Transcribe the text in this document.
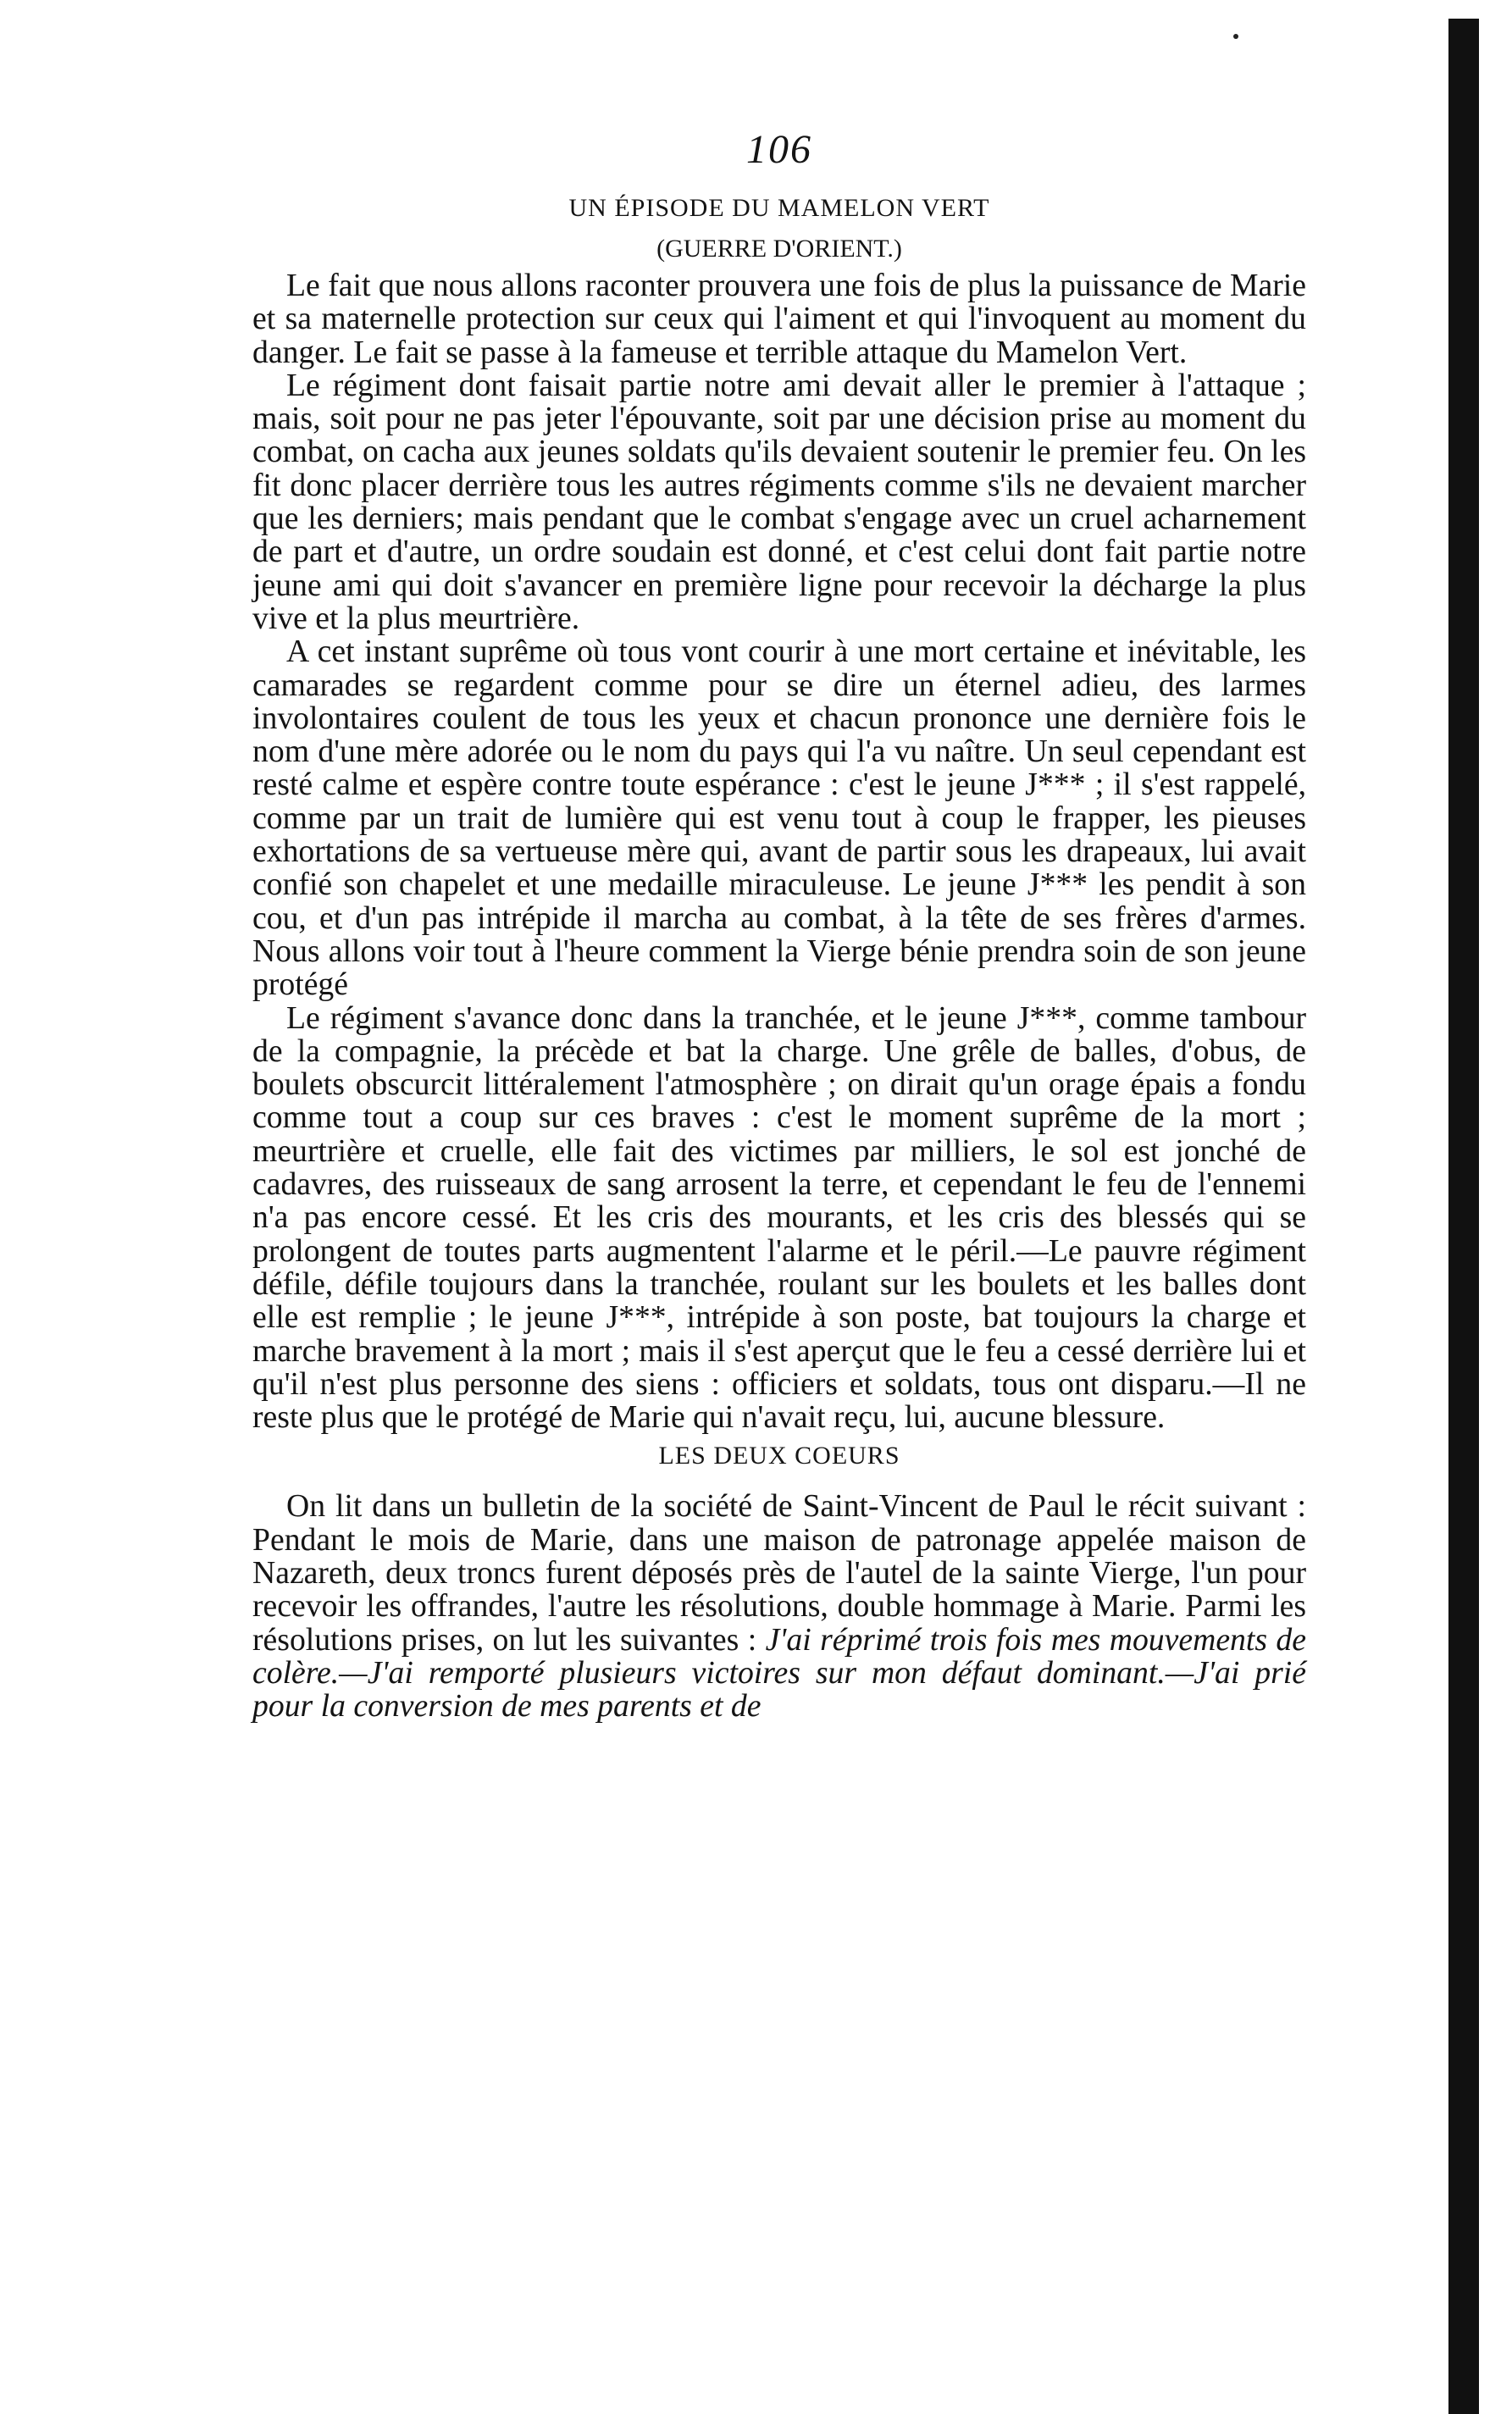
106
UN ÉPISODE DU MAMELON VERT
(GUERRE D'ORIENT.)

Le fait que nous allons raconter prouvera une fois de plus la puissance de Marie et sa maternelle protection sur ceux qui l'aiment et qui l'invoquent au moment du danger. Le fait se passe à la fameuse et terrible attaque du Mamelon Vert.

Le régiment dont faisait partie notre ami devait aller le premier à l'attaque ; mais, soit pour ne pas jeter l'épouvante, soit par une décision prise au moment du combat, on cacha aux jeunes soldats qu'ils devaient soutenir le premier feu. On les fit donc placer derrière tous les autres régiments comme s'ils ne devaient marcher que les derniers; mais pendant que le combat s'engage avec un cruel acharnement de part et d'autre, un ordre soudain est donné, et c'est celui dont fait partie notre jeune ami qui doit s'avancer en première ligne pour recevoir la décharge la plus vive et la plus meurtrière.

A cet instant suprême où tous vont courir à une mort certaine et inévitable, les camarades se regardent comme pour se dire un éternel adieu, des larmes involontaires coulent de tous les yeux et chacun prononce une dernière fois le nom d'une mère adorée ou le nom du pays qui l'a vu naître. Un seul cependant est resté calme et espère contre toute espérance : c'est le jeune J*** ; il s'est rappelé, comme par un trait de lumière qui est venu tout à coup le frapper, les pieuses exhortations de sa vertueuse mère qui, avant de partir sous les drapeaux, lui avait confié son chapelet et une medaille miraculeuse. Le jeune J*** les pendit à son cou, et d'un pas intrépide il marcha au combat, à la tête de ses frères d'armes. Nous allons voir tout à l'heure comment la Vierge bénie prendra soin de son jeune protégé

Le régiment s'avance donc dans la tranchée, et le jeune J***, comme tambour de la compagnie, la précède et bat la charge. Une grêle de balles, d'obus, de boulets obscurcit littéralement l'atmosphère ; on dirait qu'un orage épais a fondu comme tout a coup sur ces braves : c'est le moment suprême de la mort ; meurtrière et cruelle, elle fait des victimes par milliers, le sol est jonché de cadavres, des ruisseaux de sang arrosent la terre, et cependant le feu de l'ennemi n'a pas encore cessé. Et les cris des mourants, et les cris des blessés qui se prolongent de toutes parts augmentent l'alarme et le péril.—Le pauvre régiment défile, défile toujours dans la tranchée, roulant sur les boulets et les balles dont elle est remplie ; le jeune J***, intrépide à son poste, bat toujours la charge et marche bravement à la mort ; mais il s'est aperçut que le feu a cessé derrière lui et qu'il n'est plus personne des siens : officiers et soldats, tous ont disparu.—Il ne reste plus que le protégé de Marie qui n'avait reçu, lui, aucune blessure.

LES DEUX COEURS

On lit dans un bulletin de la société de Saint-Vincent de Paul le récit suivant : Pendant le mois de Marie, dans une maison de patronage appelée maison de Nazareth, deux troncs furent déposés près de l'autel de la sainte Vierge, l'un pour recevoir les offrandes, l'autre les résolutions, double hommage à Marie. Parmi les résolutions prises, on lut les suivantes : J'ai réprimé trois fois mes mouvements de colère.—J'ai remporté plusieurs victoires sur mon défaut dominant.—J'ai prié pour la conversion de mes parents et de
